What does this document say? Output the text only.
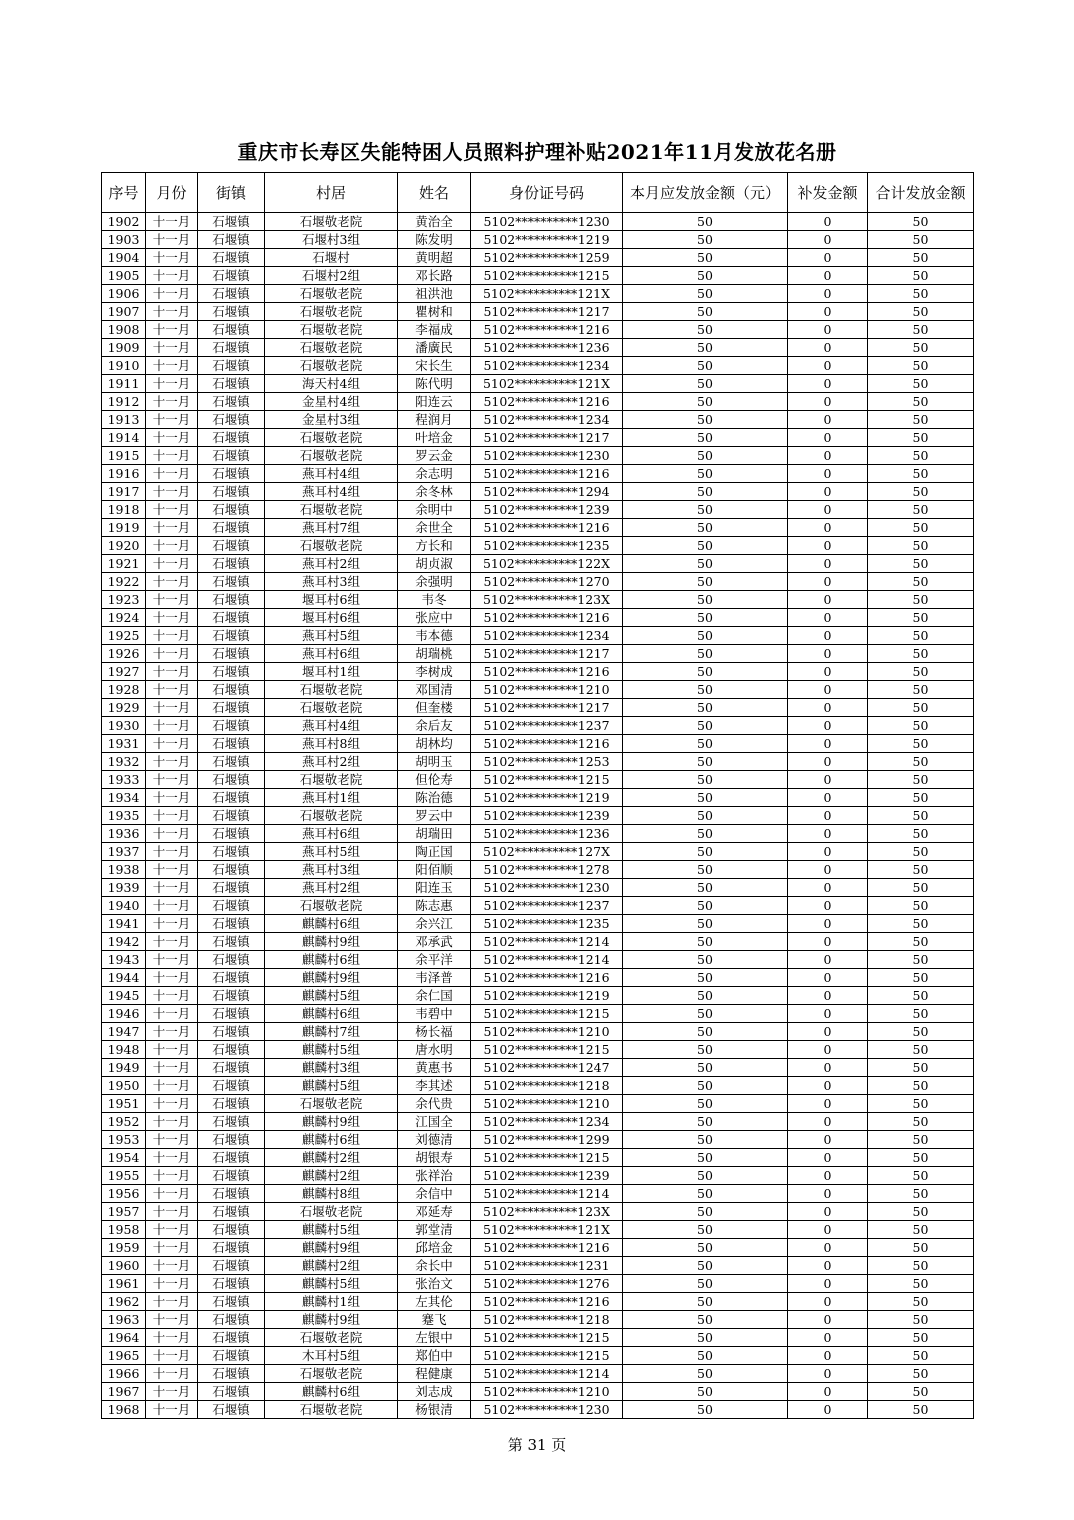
重庆市长寿区失能特困人员照料护理补贴2021年11月发放花名册
序号	月份	街镇	村居	姓名	身份证号码	本月应发放金额（元）	补发金额	合计发放金额
1902	十一月	石堰镇	石堰敬老院	黄治全	5102**********1230	50	0	50
1903	十一月	石堰镇	石堰村3组	陈发明	5102**********1219	50	0	50
1904	十一月	石堰镇	石堰村	黄明超	5102**********1259	50	0	50
1905	十一月	石堰镇	石堰村2组	邓长路	5102**********1215	50	0	50
1906	十一月	石堰镇	石堰敬老院	祖洪池	5102**********121X	50	0	50
1907	十一月	石堰镇	石堰敬老院	瞿树和	5102**********1217	50	0	50
1908	十一月	石堰镇	石堰敬老院	李福成	5102**********1216	50	0	50
1909	十一月	石堰镇	石堰敬老院	潘廣民	5102**********1236	50	0	50
1910	十一月	石堰镇	石堰敬老院	宋长生	5102**********1234	50	0	50
1911	十一月	石堰镇	海天村4组	陈代明	5102**********121X	50	0	50
1912	十一月	石堰镇	金星村4组	阳连云	5102**********1216	50	0	50
1913	十一月	石堰镇	金星村3组	程润月	5102**********1234	50	0	50
1914	十一月	石堰镇	石堰敬老院	叶培金	5102**********1217	50	0	50
1915	十一月	石堰镇	石堰敬老院	罗云金	5102**********1230	50	0	50
1916	十一月	石堰镇	燕耳村4组	余志明	5102**********1216	50	0	50
1917	十一月	石堰镇	燕耳村4组	余冬林	5102**********1294	50	0	50
1918	十一月	石堰镇	石堰敬老院	余明中	5102**********1239	50	0	50
1919	十一月	石堰镇	燕耳村7组	余世全	5102**********1216	50	0	50
1920	十一月	石堰镇	石堰敬老院	方长和	5102**********1235	50	0	50
1921	十一月	石堰镇	燕耳村2组	胡贞淑	5102**********122X	50	0	50
1922	十一月	石堰镇	燕耳村3组	余强明	5102**********1270	50	0	50
1923	十一月	石堰镇	堰耳村6组	韦冬	5102**********123X	50	0	50
1924	十一月	石堰镇	堰耳村6组	张应中	5102**********1216	50	0	50
1925	十一月	石堰镇	燕耳村5组	韦本德	5102**********1234	50	0	50
1926	十一月	石堰镇	燕耳村6组	胡瑞桃	5102**********1217	50	0	50
1927	十一月	石堰镇	堰耳村1组	李树成	5102**********1216	50	0	50
1928	十一月	石堰镇	石堰敬老院	邓国清	5102**********1210	50	0	50
1929	十一月	石堰镇	石堰敬老院	但奎楼	5102**********1217	50	0	50
1930	十一月	石堰镇	燕耳村4组	余后友	5102**********1237	50	0	50
1931	十一月	石堰镇	燕耳村8组	胡林均	5102**********1216	50	0	50
1932	十一月	石堰镇	燕耳村2组	胡明玉	5102**********1253	50	0	50
1933	十一月	石堰镇	石堰敬老院	但伦寿	5102**********1215	50	0	50
1934	十一月	石堰镇	燕耳村1组	陈治德	5102**********1219	50	0	50
1935	十一月	石堰镇	石堰敬老院	罗云中	5102**********1239	50	0	50
1936	十一月	石堰镇	燕耳村6组	胡瑞田	5102**********1236	50	0	50
1937	十一月	石堰镇	燕耳村5组	陶正国	5102**********127X	50	0	50
1938	十一月	石堰镇	燕耳村3组	阳佰顺	5102**********1278	50	0	50
1939	十一月	石堰镇	燕耳村2组	阳连玉	5102**********1230	50	0	50
1940	十一月	石堰镇	石堰敬老院	陈志惠	5102**********1237	50	0	50
1941	十一月	石堰镇	麒麟村6组	余兴江	5102**********1235	50	0	50
1942	十一月	石堰镇	麒麟村9组	邓承武	5102**********1214	50	0	50
1943	十一月	石堰镇	麒麟村6组	余平洋	5102**********1214	50	0	50
1944	十一月	石堰镇	麒麟村9组	韦泽普	5102**********1216	50	0	50
1945	十一月	石堰镇	麒麟村5组	余仁国	5102**********1219	50	0	50
1946	十一月	石堰镇	麒麟村6组	韦碧中	5102**********1215	50	0	50
1947	十一月	石堰镇	麒麟村7组	杨长福	5102**********1210	50	0	50
1948	十一月	石堰镇	麒麟村5组	唐水明	5102**********1215	50	0	50
1949	十一月	石堰镇	麒麟村3组	黄惠书	5102**********1247	50	0	50
1950	十一月	石堰镇	麒麟村5组	李其述	5102**********1218	50	0	50
1951	十一月	石堰镇	石堰敬老院	余代贵	5102**********1210	50	0	50
1952	十一月	石堰镇	麒麟村9组	江国全	5102**********1234	50	0	50
1953	十一月	石堰镇	麒麟村6组	刘德清	5102**********1299	50	0	50
1954	十一月	石堰镇	麒麟村2组	胡银寿	5102**********1215	50	0	50
1955	十一月	石堰镇	麒麟村2组	张祥治	5102**********1239	50	0	50
1956	十一月	石堰镇	麒麟村8组	余信中	5102**********1214	50	0	50
1957	十一月	石堰镇	石堰敬老院	邓延寿	5102**********123X	50	0	50
1958	十一月	石堰镇	麒麟村5组	郭堂清	5102**********121X	50	0	50
1959	十一月	石堰镇	麒麟村9组	邱培金	5102**********1216	50	0	50
1960	十一月	石堰镇	麒麟村2组	余长中	5102**********1231	50	0	50
1961	十一月	石堰镇	麒麟村5组	张治文	5102**********1276	50	0	50
1962	十一月	石堰镇	麒麟村1组	左其伦	5102**********1216	50	0	50
1963	十一月	石堰镇	麒麟村9组	蹇飞	5102**********1218	50	0	50
1964	十一月	石堰镇	石堰敬老院	左银中	5102**********1215	50	0	50
1965	十一月	石堰镇	木耳村5组	郑伯中	5102**********1215	50	0	50
1966	十一月	石堰镇	石堰敬老院	程健康	5102**********1214	50	0	50
1967	十一月	石堰镇	麒麟村6组	刘志成	5102**********1210	50	0	50
1968	十一月	石堰镇	石堰敬老院	杨银清	5102**********1230	50	0	50
第 31 页
